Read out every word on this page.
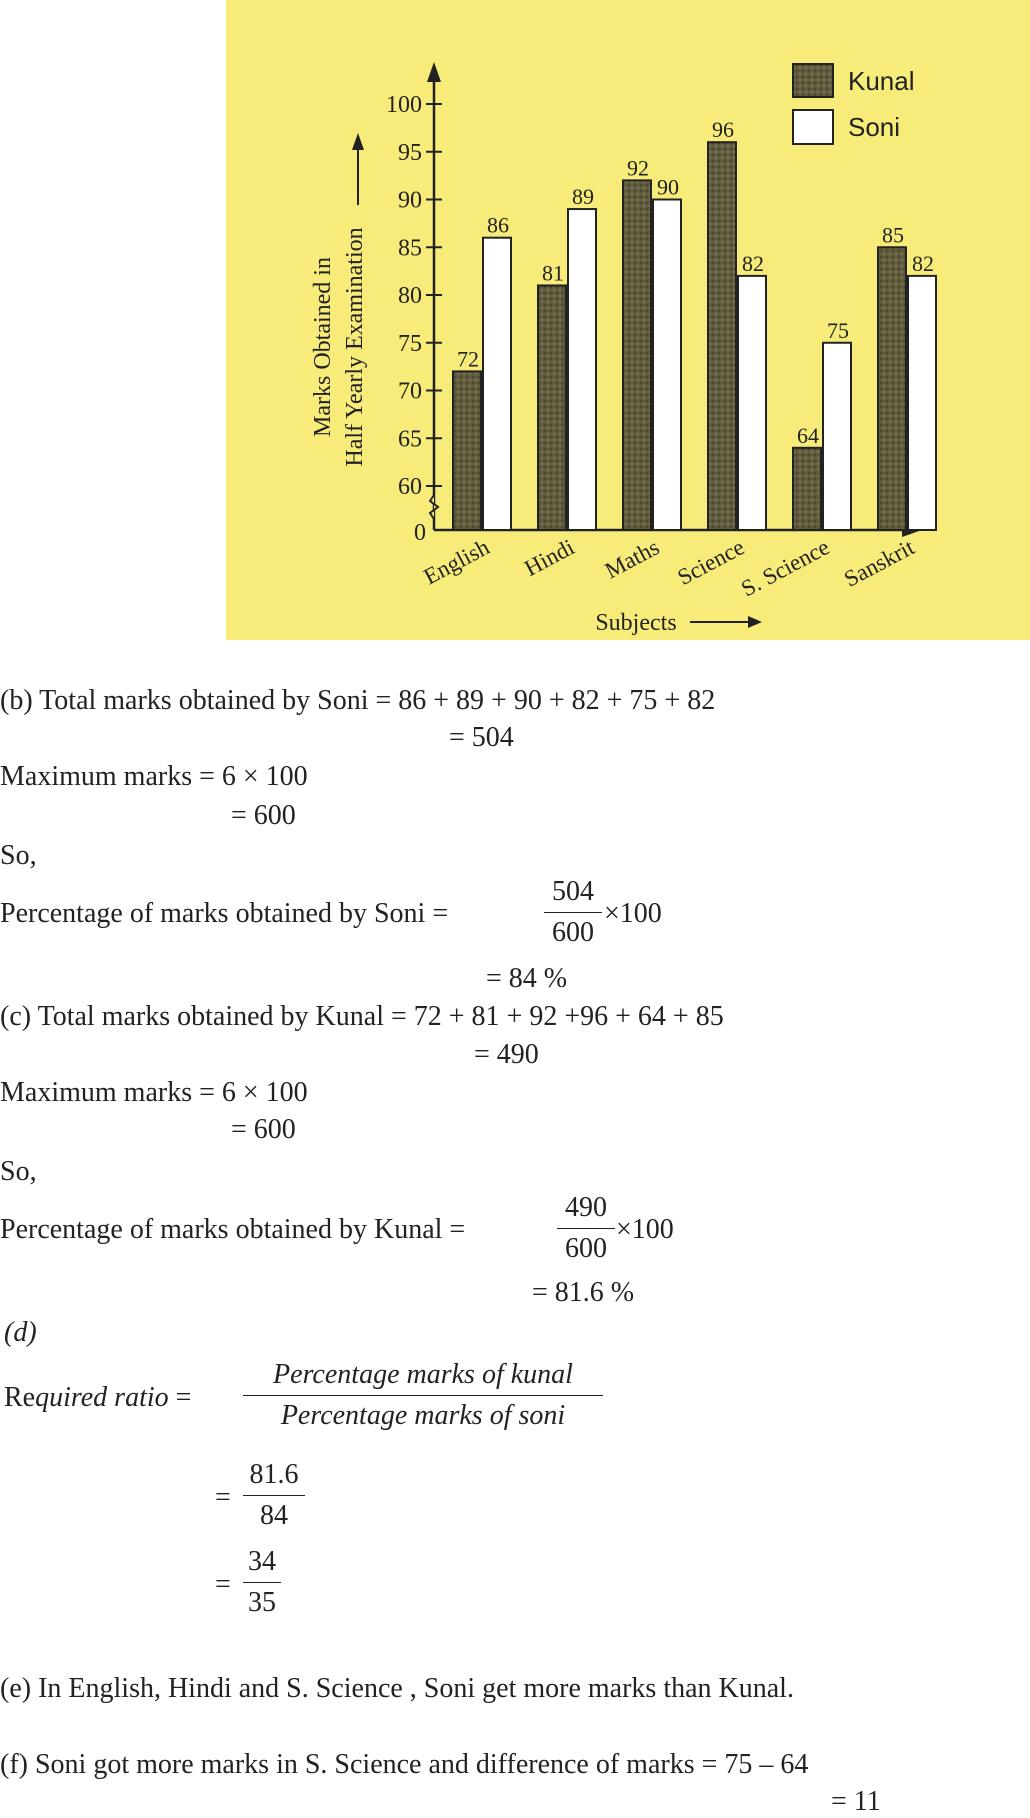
60
65
70
75
80
85
90
95
100
0
72
86
English
81
89
Hindi
92
90
Maths
96
82
Science
64
75
S. Science
85
82
Sanskrit
Marks Obtained in Half Yearly Examination
Subjects
Kunal
Soni
(b) Total marks obtained by Soni = 86 + 89 + 90 + 82 + 75 + 82
= 504
Maximum marks = 6 × 100
= 600
So,
Percentage of marks obtained by Soni =	$\frac{504}{600} \times 100$
= 84 %
(c) Total marks obtained by Kunal = 72 + 81 + 92 +96 + 64 + 85
= 490
Maximum marks = 6 × 100
= 600
So,
Percentage of marks obtained by Kunal =	$\frac{490}{600} \times 100$
= 81.6 %
(d)
Required ratio =
Percentage marks of kunal
Percentage marks of soni
= $\frac{81.6}{84}$
= $\frac{34}{35}$
(e) In English, Hindi and S. Science , Soni get more marks than Kunal.
(f) Soni got more marks in S. Science and difference of marks = 75 – 64
= 11
